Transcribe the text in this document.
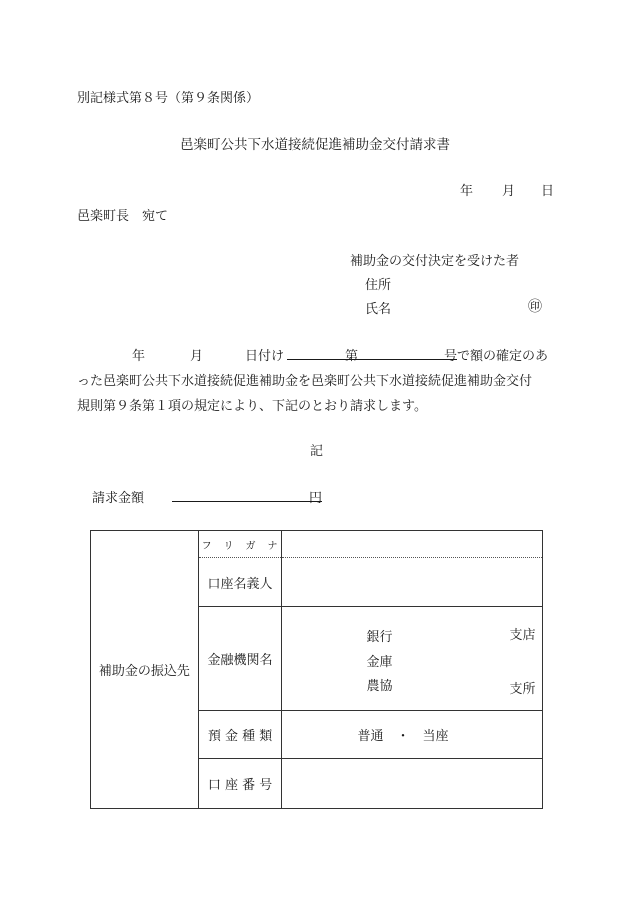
別記様式第８号（第９条関係）
邑楽町公共下水道接続促進補助金交付請求書
年 月 日
邑楽町長　宛て
補助金の交付決定を受けた者
住所
氏名	㊞
年	月	日付け	第	号で額の確定のあ
った邑楽町公共下水道接続促進補助金を邑楽町公共下水道接続促進補助金交付
規則第９条第１項の規定により、下記のとおり請求します。
記
請求金額	円
補助金の振込先	フ　リ　ガ　ナ	
	口座名義人	
	金融機関名	銀行
金庫
農協
支店
支所

	預 金 種 類	普通　・　当座
	口 座 番 号	
